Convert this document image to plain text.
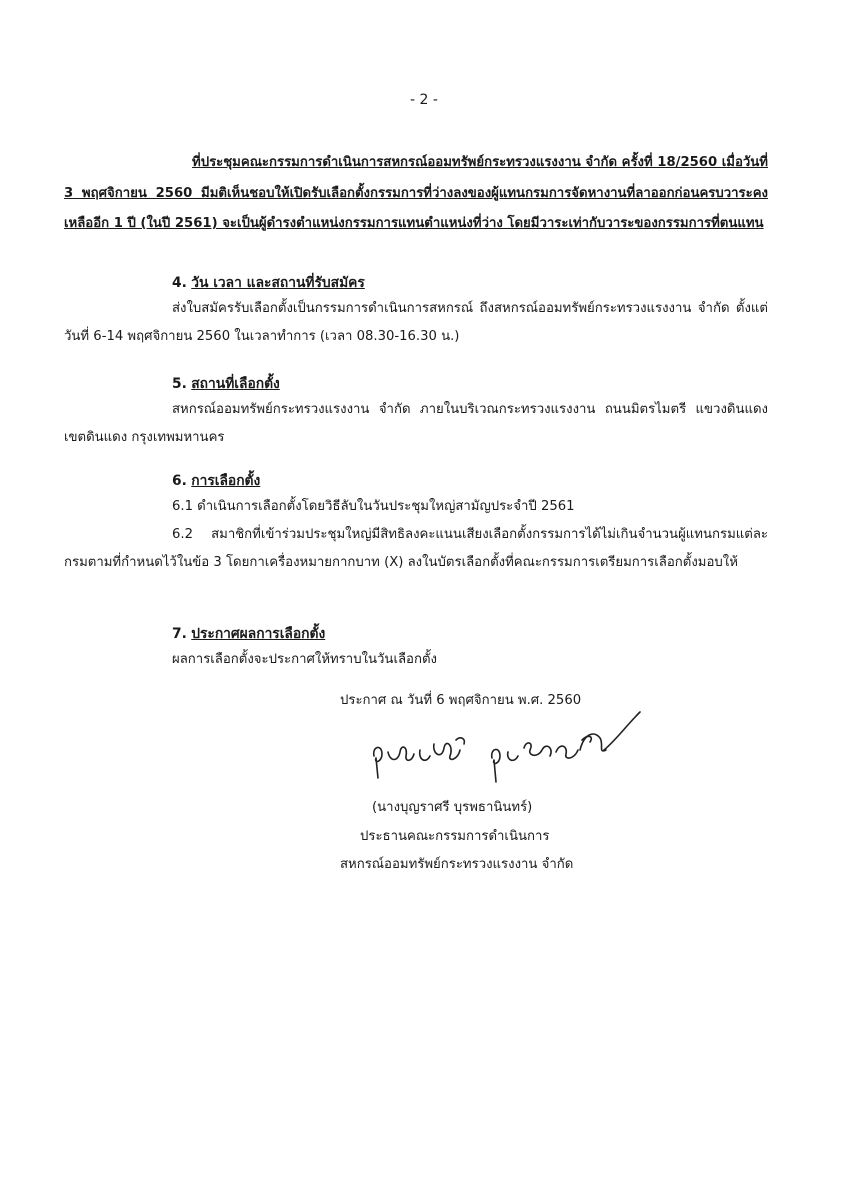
- 2 -
ที่ประชุมคณะกรรมการดำเนินการสหกรณ์ออมทรัพย์กระทรวงแรงงาน จำกัด ครั้งที่ 18/2560 เมื่อวันที่ 3 พฤศจิกายน 2560 มีมติเห็นชอบให้เปิดรับเลือกตั้งกรรมการที่ว่างลงของผู้แทนกรมการจัดหางานที่ลาออกก่อนครบวาระคงเหลืออีก 1 ปี (ในปี 2561) จะเป็นผู้ดำรงตำแหน่งกรรมการแทนตำแหน่งที่ว่าง โดยมีวาระเท่ากับวาระของกรรมการที่ตนแทน

4. วัน เวลา และสถานที่รับสมัคร

ส่งใบสมัครรับเลือกตั้งเป็นกรรมการดำเนินการสหกรณ์ ถึงสหกรณ์ออมทรัพย์กระทรวงแรงงาน จำกัด ตั้งแต่วันที่ 6-14 พฤศจิกายน 2560 ในเวลาทำการ (เวลา 08.30-16.30 น.)

5. สถานที่เลือกตั้ง

สหกรณ์ออมทรัพย์กระทรวงแรงงาน จำกัด ภายในบริเวณกระทรวงแรงงาน ถนนมิตรไมตรี แขวงดินแดง เขตดินแดง กรุงเทพมหานคร

6. การเลือกตั้ง

6.1 ดำเนินการเลือกตั้งโดยวิธีลับในวันประชุมใหญ่สามัญประจำปี 2561

6.2 สมาชิกที่เข้าร่วมประชุมใหญ่มีสิทธิลงคะแนนเสียงเลือกตั้งกรรมการได้ไม่เกินจำนวนผู้แทนกรมแต่ละกรมตามที่กำหนดไว้ในข้อ 3 โดยกาเครื่องหมายกากบาท (X) ลงในบัตรเลือกตั้งที่คณะกรรมการเตรียมการเลือกตั้งมอบให้

7. ประกาศผลการเลือกตั้ง

ผลการเลือกตั้งจะประกาศให้ทราบในวันเลือกตั้ง

ประกาศ ณ วันที่ 6 พฤศจิกายน พ.ศ. 2560
(นางบุญราศรี บุรพธานินทร์)
ประธานคณะกรรมการดำเนินการ
สหกรณ์ออมทรัพย์กระทรวงแรงงาน จำกัด
